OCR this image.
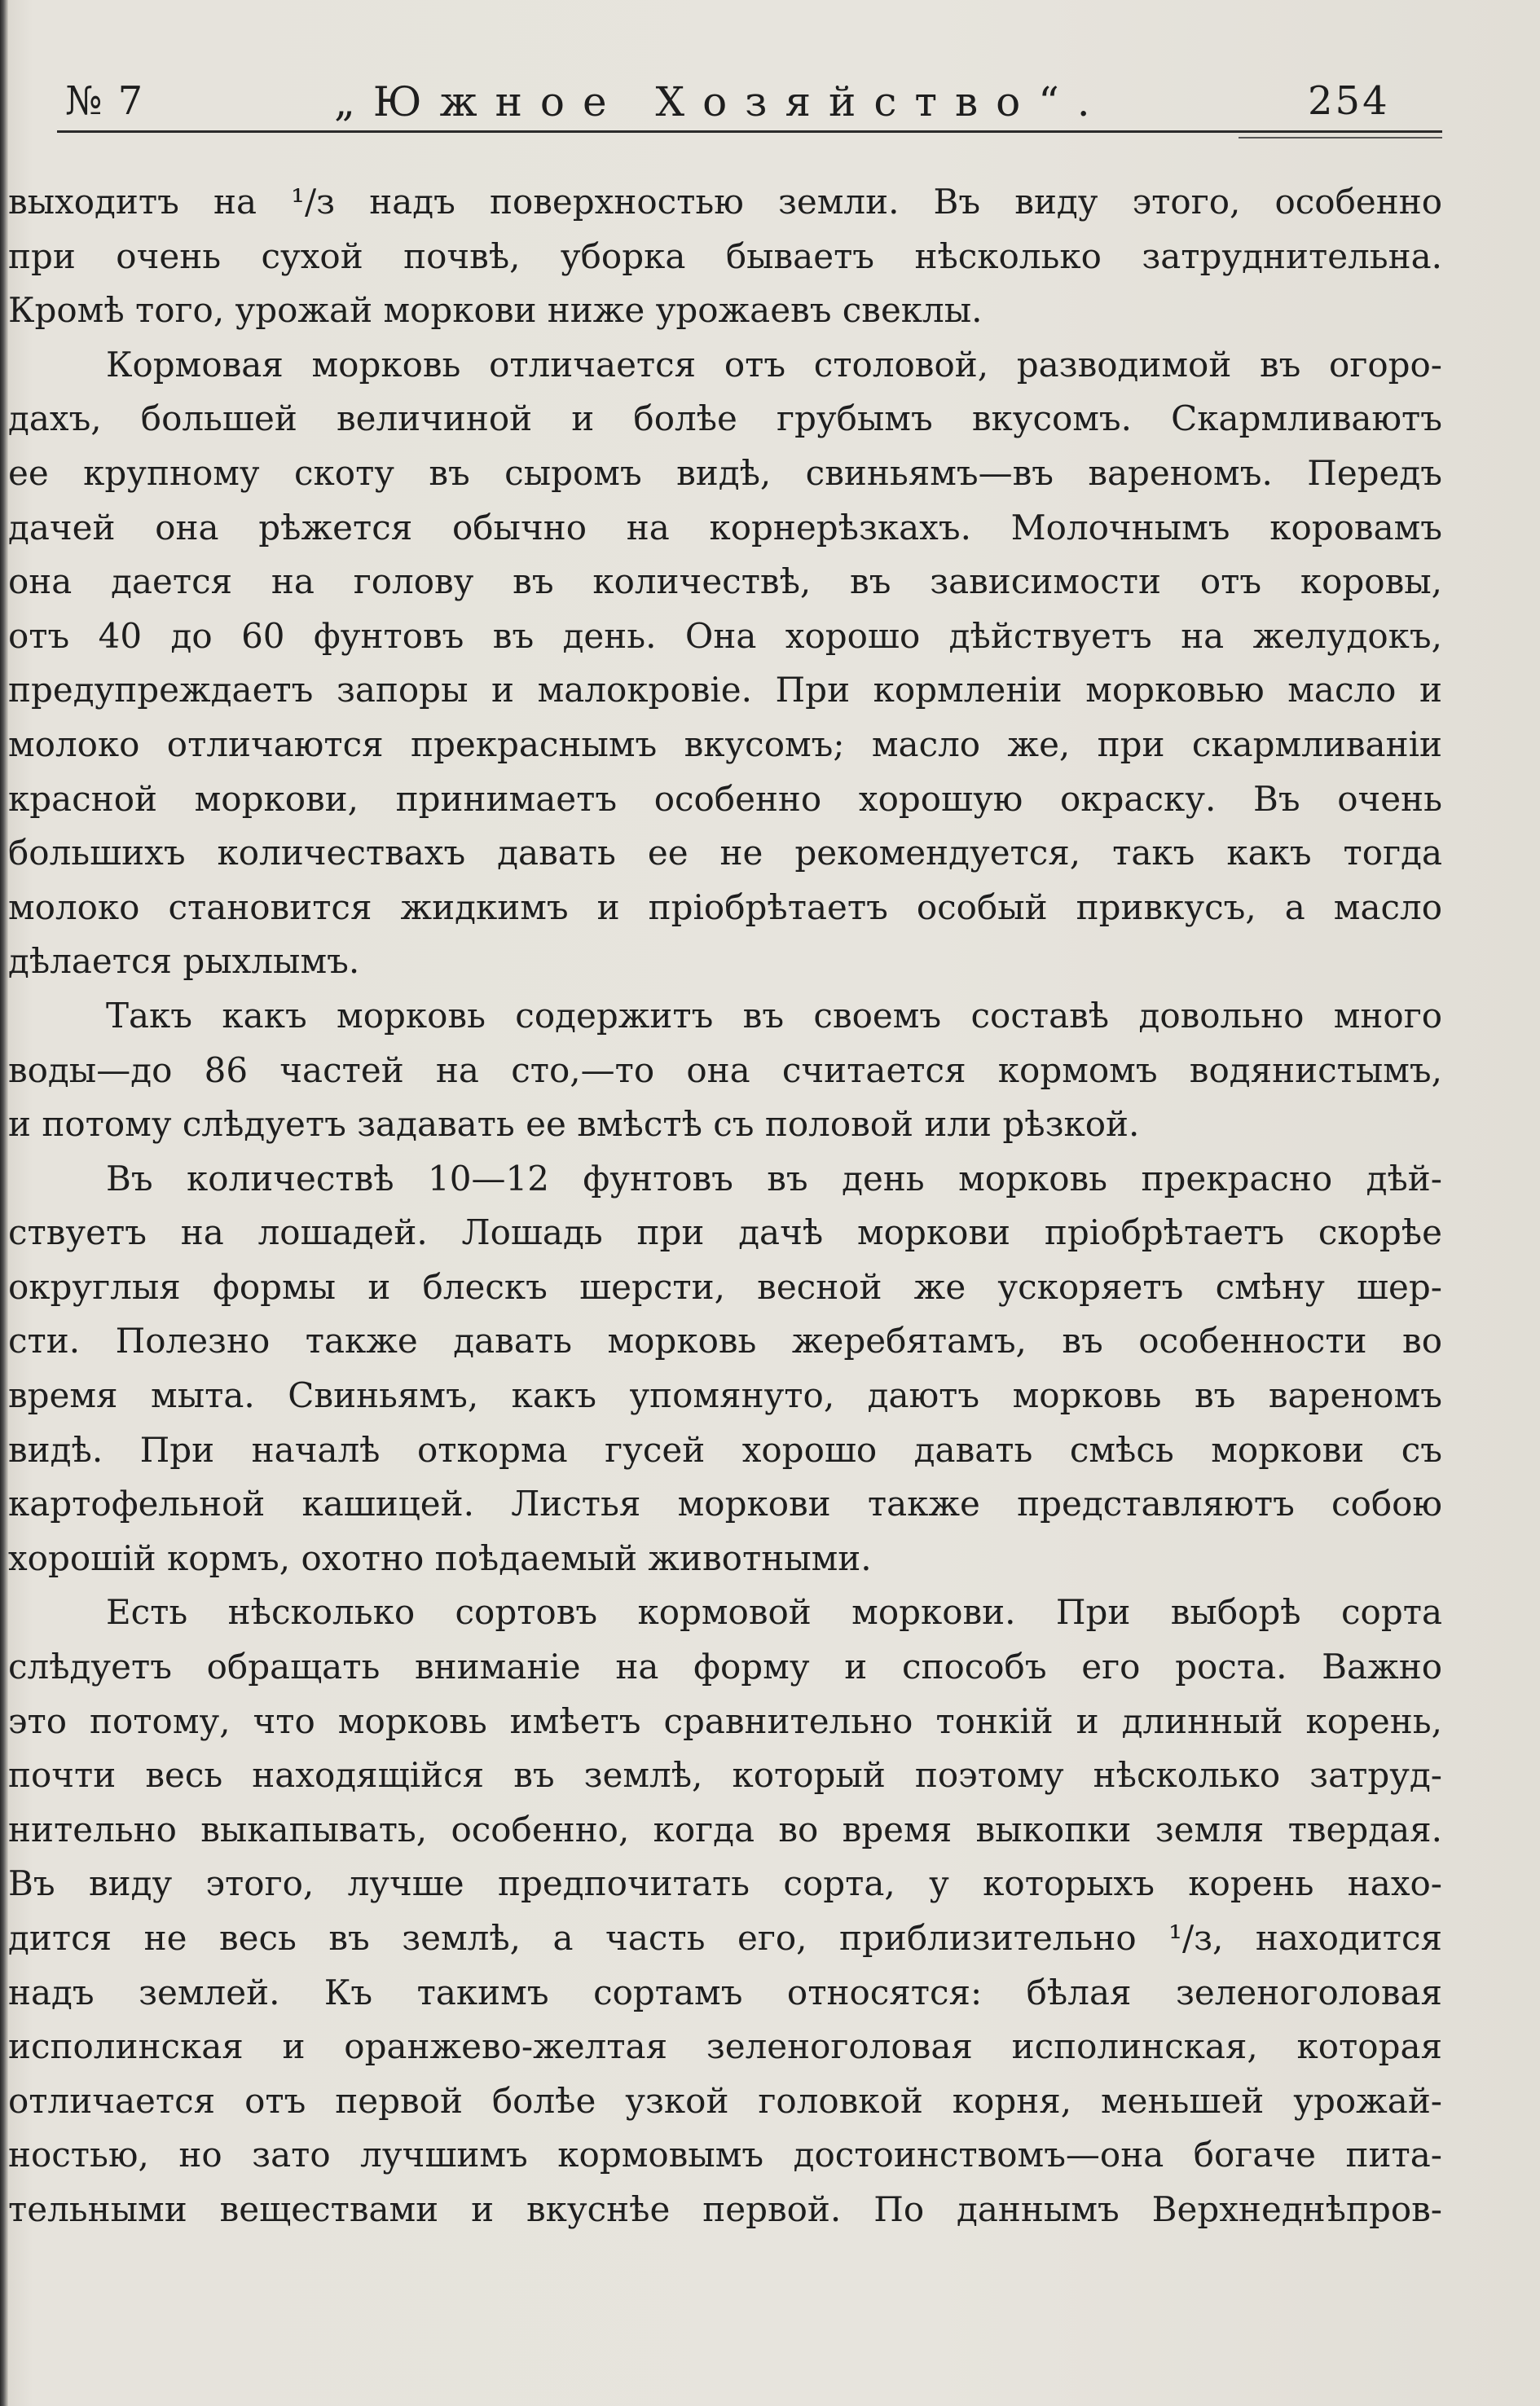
№ 7	„Южное Хозяйство“.	254
выходитъ на ¹/з надъ поверхностью земли. Въ виду этого, особенно
при очень сухой почвѣ, уборка бываетъ нѣсколько затруднительна.
Кромѣ того, урожай моркови ниже урожаевъ свеклы.
Кормовая морковь отличается отъ столовой, разводимой въ огоро-
дахъ, большей величиной и болѣе грубымъ вкусомъ. Скармливаютъ
ее крупному скоту въ сыромъ видѣ, свиньямъ—въ вареномъ. Передъ
дачей она рѣжется обычно на корнерѣзкахъ. Молочнымъ коровамъ
она дается на голову въ количествѣ, въ зависимости отъ коровы,
отъ 40 до 60 фунтовъ въ день. Она хорошо дѣйствуетъ на желудокъ,
предупреждаетъ запоры и малокровіе. При кормленіи морковью масло и
молоко отличаются прекраснымъ вкусомъ; масло же, при скармливаніи
красной моркови, принимаетъ особенно хорошую окраску. Въ очень
большихъ количествахъ давать ее не рекомендуется, такъ какъ тогда
молоко становится жидкимъ и пріобрѣтаетъ особый привкусъ, а масло
дѣлается рыхлымъ.
Такъ какъ морковь содержитъ въ своемъ составѣ довольно много
воды—до 86 частей на сто,—то она считается кормомъ водянистымъ,
и потому слѣдуетъ задавать ее вмѣстѣ съ половой или рѣзкой.
Въ количествѣ 10—12 фунтовъ въ день морковь прекрасно дѣй-
ствуетъ на лошадей. Лошадь при дачѣ моркови пріобрѣтаетъ скорѣе
округлыя формы и блескъ шерсти, весной же ускоряетъ смѣну шер-
сти. Полезно также давать морковь жеребятамъ, въ особенности во
время мыта. Свиньямъ, какъ упомянуто, даютъ морковь въ вареномъ
видѣ. При началѣ откорма гусей хорошо давать смѣсь моркови съ
картофельной кашицей. Листья моркови также представляютъ собою
хорошій кормъ, охотно поѣдаемый животными.
Есть нѣсколько сортовъ кормовой моркови. При выборѣ сорта
слѣдуетъ обращать вниманіе на форму и способъ его роста. Важно
это потому, что морковь имѣетъ сравнительно тонкій и длинный корень,
почти весь находящійся въ землѣ, который поэтому нѣсколько затруд-
нительно выкапывать, особенно, когда во время выкопки земля твердая.
Въ виду этого, лучше предпочитать сорта, у которыхъ корень нахо-
дится не весь въ землѣ, а часть его, приблизительно ¹/з, находится
надъ землей. Къ такимъ сортамъ относятся: бѣлая зеленоголовая
исполинская и оранжево-желтая зеленоголовая исполинская, которая
отличается отъ первой болѣе узкой головкой корня, меньшей урожай-
ностью, но зато лучшимъ кормовымъ достоинствомъ—она богаче пита-
тельными веществами и вкуснѣе первой. По даннымъ Верхнеднѣпров-
